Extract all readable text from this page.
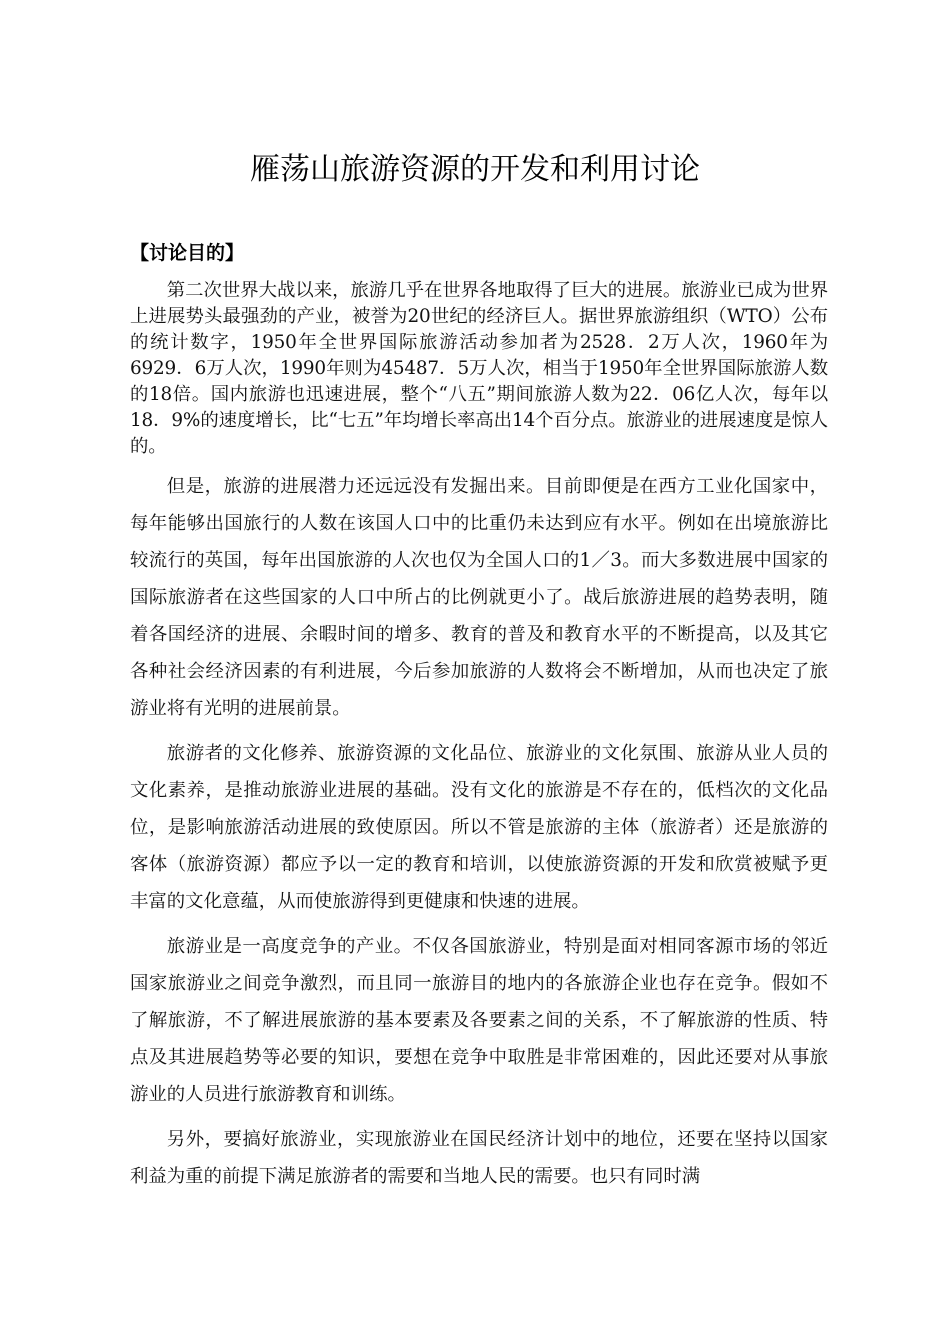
雁荡山旅游资源的开发和利用讨论
【讨论目的】

第二次世界大战以来，旅游几乎在世界各地取得了巨大的进展。旅游业已成为世界上进展势头最强劲的产业，被誉为20世纪的经济巨人。据世界旅游组织（WTO）公布的统计数字，1950年全世界国际旅游活动参加者为2528．2万人次，1960年为6929．6万人次，1990年则为45487．5万人次，相当于1950年全世界国际旅游人数的18倍。国内旅游也迅速进展，整个“八五”期间旅游人数为22．06亿人次，每年以18．9%的速度增长，比“七五”年均增长率高出14个百分点。旅游业的进展速度是惊人的。

但是，旅游的进展潜力还远远没有发掘出来。目前即便是在西方工业化国家中，每年能够出国旅行的人数在该国人口中的比重仍未达到应有水平。例如在出境旅游比较流行的英国，每年出国旅游的人次也仅为全国人口的1／3。而大多数进展中国家的国际旅游者在这些国家的人口中所占的比例就更小了。战后旅游进展的趋势表明，随着各国经济的进展、余暇时间的增多、教育的普及和教育水平的不断提高，以及其它各种社会经济因素的有利进展，今后参加旅游的人数将会不断增加，从而也决定了旅游业将有光明的进展前景。

旅游者的文化修养、旅游资源的文化品位、旅游业的文化氛围、旅游从业人员的文化素养，是推动旅游业进展的基础。没有文化的旅游是不存在的，低档次的文化品位，是影响旅游活动进展的致使原因。所以不管是旅游的主体（旅游者）还是旅游的客体（旅游资源）都应予以一定的教育和培训，以使旅游资源的开发和欣赏被赋予更丰富的文化意蕴，从而使旅游得到更健康和快速的进展。

旅游业是一高度竞争的产业。不仅各国旅游业，特别是面对相同客源市场的邻近国家旅游业之间竞争激烈，而且同一旅游目的地内的各旅游企业也存在竞争。假如不了解旅游，不了解进展旅游的基本要素及各要素之间的关系，不了解旅游的性质、特点及其进展趋势等必要的知识，要想在竞争中取胜是非常困难的，因此还要对从事旅游业的人员进行旅游教育和训练。

另外，要搞好旅游业，实现旅游业在国民经济计划中的地位，还要在坚持以国家利益为重的前提下满足旅游者的需要和当地人民的需要。也只有同时满
